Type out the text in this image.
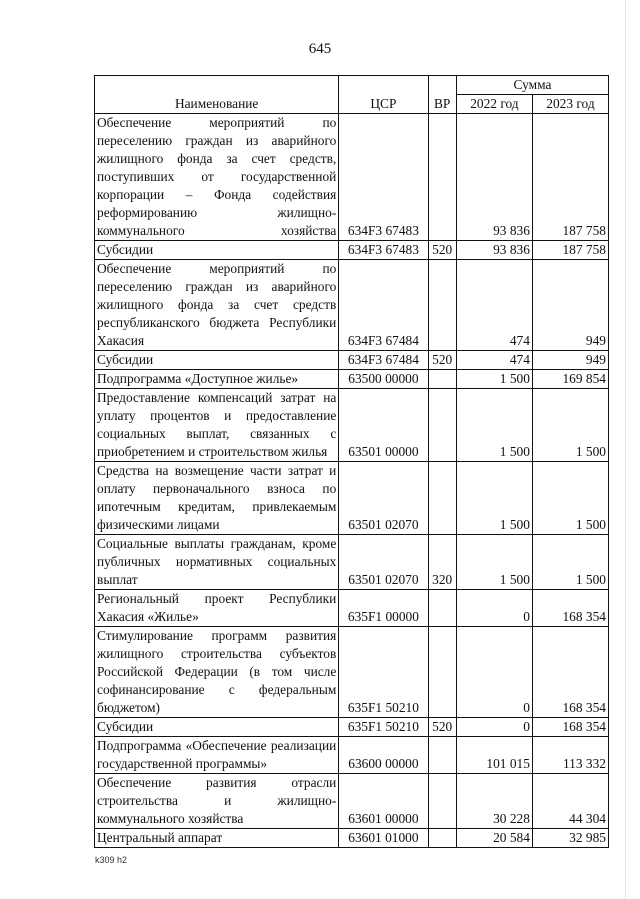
645
Наименование	ЦСР	ВР	Сумма	
			2022 год	2023 год
Обеспечение мероприятий по переселению граждан из аварийного жилищного фонда за счет средств, поступивших от государственной корпорации – Фонда содействия реформированию жилищно-коммунального хозяйства	634F3 67483		93 836	187 758
Субсидии	634F3 67483	520	93 836	187 758
Обеспечение мероприятий по переселению граждан из аварийного жилищного фонда за счет средств республиканского бюджета Республики Хакасия	634F3 67484		474	949
Субсидии	634F3 67484	520	474	949
Подпрограмма «Доступное жилье»	63500 00000		1 500	169 854
Предоставление компенсаций затрат на уплату процентов и предоставление социальных выплат, связанных с приобретением и строительством жилья	63501 00000		1 500	1 500
Средства на возмещение части затрат и оплату первоначального взноса по ипотечным кредитам, привлекаемым физическими лицами	63501 02070		1 500	1 500
Социальные выплаты гражданам, кроме публичных нормативных социальных выплат	63501 02070	320	1 500	1 500
Региональный проект Республики Хакасия «Жилье»	635F1 00000		0	168 354
Стимулирование программ развития жилищного строительства субъектов Российской Федерации (в том числе софинансирование с федеральным бюджетом)	635F1 50210		0	168 354
Субсидии	635F1 50210	520	0	168 354
Подпрограмма «Обеспечение реализации государственной программы»	63600 00000		101 015	113 332
Обеспечение развития отрасли строительства и жилищно-коммунального хозяйства	63601 00000		30 228	44 304
Центральный аппарат	63601 01000		20 584	32 985
k309 h2
